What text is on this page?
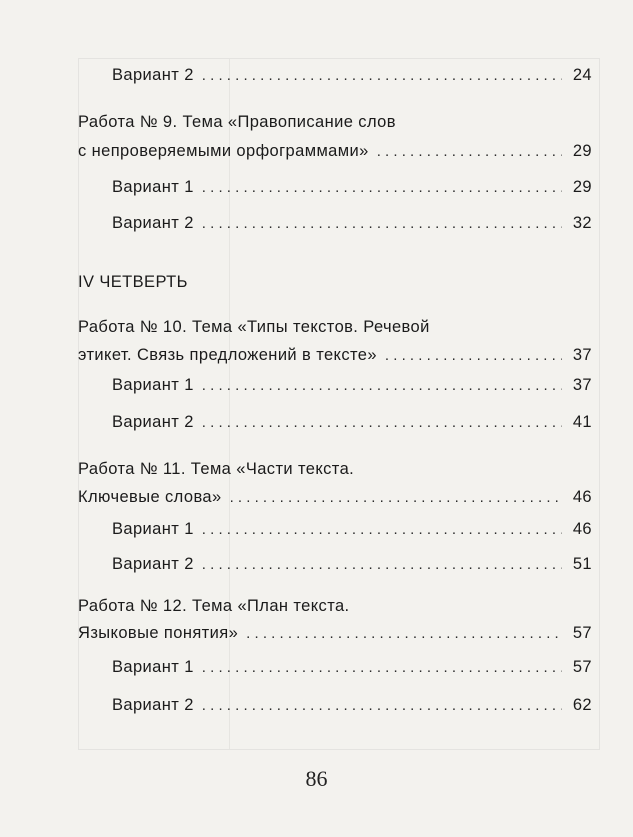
Вариант 2 . . .	24
Работа № 9. Тема «Правописание слов
с непроверяемыми орфограммами» . . .	29
Вариант 1 . . .	29
Вариант 2 . . .	32
IV ЧЕТВЕРТЬ
Работа № 10. Тема «Типы текстов. Речевой
этикет. Связь предложений в тексте» . . .	37
Вариант 1 . . .	37
Вариант 2 . . .	41
Работа № 11. Тема «Части текста.
Ключевые слова» . . .	46
Вариант 1 . . .	46
Вариант 2 . . .	51
Работа № 12. Тема «План текста.
Языковые понятия» . . .	57
Вариант 1 . . .	57
Вариант 2 . . .	62
86
